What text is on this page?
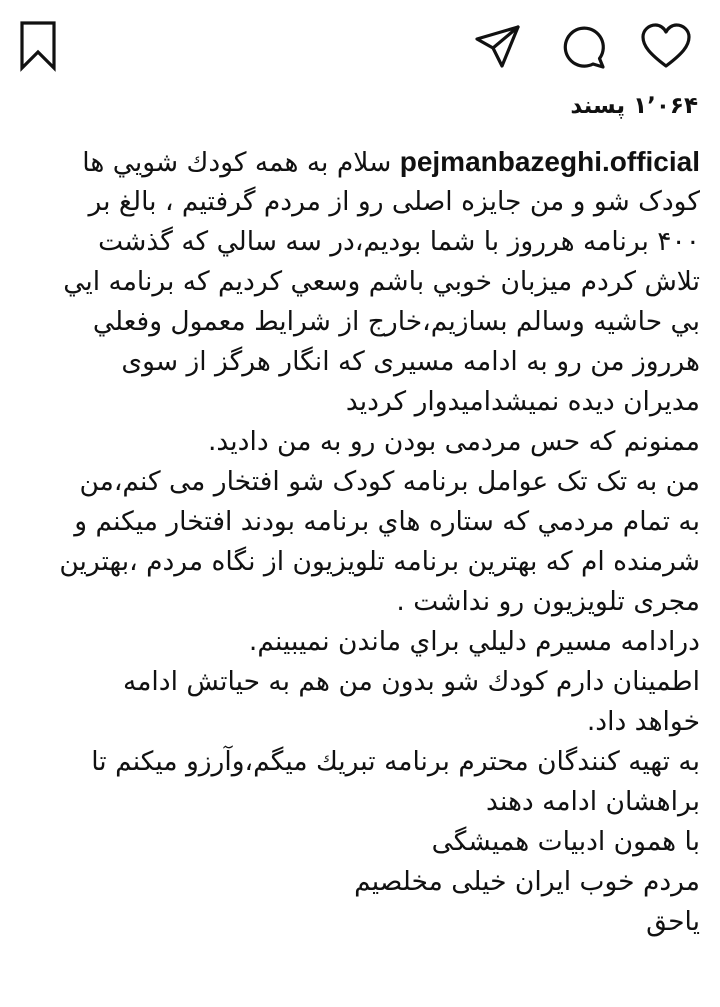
۱٬۰۶۴ پسند
pejmanbazeghi.official سلام به همه کودك شويي ها
کودک شو و من جایزه اصلی رو از مردم گرفتیم ، بالغ بر
۴۰۰ برنامه هرروز با شما بوديم،در سه سالي كه گذشت
تلاش كردم ميزبان خوبي باشم وسعي كرديم كه برنامه ايي
بي حاشيه وسالم بسازيم،خارج از شرايط معمول وفعلي
هرروز من رو به ادامه مسیری که انگار هرگز از سوی
مدیران دیده نمیشدامیدوار کردید
ممنونم که حس مردمی بودن رو به من دادید.
من به تک تک عوامل برنامه کودک شو افتخار می کنم،من
به تمام مردمي كه ستاره هاي برنامه بودند افتخار ميكنم و
شرمنده ام که بهترین برنامه تلویزیون از نگاه مردم ،بهترین
مجری تلویزیون رو نداشت .
درادامه مسيرم دليلي براي ماندن نميبينم.
اطمينان دارم كودك شو بدون من هم به حياتش ادامه
خواهد داد.
به تهيه كنندگان محترم برنامه تبريك ميگم،وآرزو ميكنم تا
براهشان ادامه دهند
با همون ادبیات همیشگی
مردم خوب ایران خیلی مخلصیم
یاحق
